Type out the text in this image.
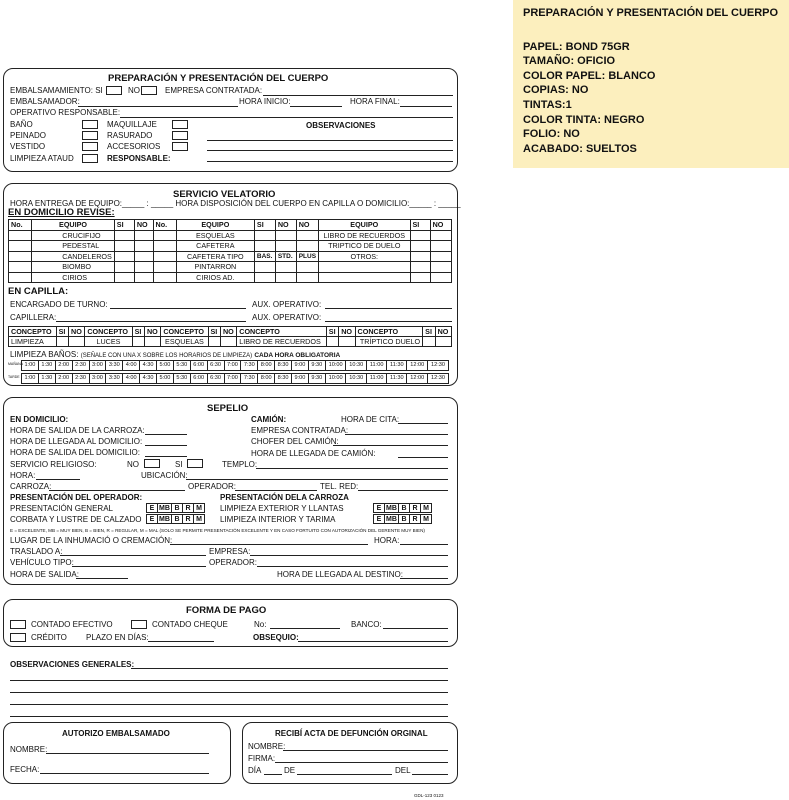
PREPARACIÓN Y PRESENTACIÓN DEL CUERPO
PAPEL: BOND 75GR
TAMAÑO: OFICIO
COLOR PAPEL: BLANCO
COPIAS: NO
TINTAS:1
COLOR TINTA: NEGRO
FOLIO: NO
ACABADO: SUELTOS
PREPARACIÓN Y PRESENTACIÓN DEL CUERPO
EMBALSAMAMIENTO: SI	NO	EMPRESA CONTRATADA:
EMBALSAMADOR:	HORA INICIO:	HORA FINAL:
OPERATIVO RESPONSABLE:
BAÑO	MAQUILLAJE	OBSERVACIONES
PEINADO	RASURADO
VESTIDO	ACCESORIOS
LIMPIEZA ATAUD	RESPONSABLE:
SERVICIO VELATORIO
HORA ENTREGA DE EQUIPO:_____ : _____ HORA DISPOSICIÓN DEL CUERPO EN CAPILLA O DOMICILIO:_____ : _____
EN DOMICILIO REVISE:
No.	EQUIPO	SI	NO	No.	EQUIPO	SI	NO	NO	EQUIPO	SI	NO
	CRUCIFIJO				ESQUELAS				LIBRO DE RECUERDOS		
	PEDESTAL				CAFETERA				TRIPTICO DE DUELO		
	CANDELEROS				CAFETERA TIPO	BAS.	STD.	PLUS	OTROS:		
	BIOMBO				PINTARRON						
	CIRIOS				CIRIOS AD.						
EN CAPILLA:
ENCARGADO DE TURNO:	AUX. OPERATIVO:
CAPILLERA:	AUX. OPERATIVO:
CONCEPTO	SI	NO	CONCEPTO	SI	NO	CONCEPTO	SI	NO	CONCEPTO	SI	NO	CONCEPTO	SI	NO
LIMPIEZA			LUCES			ESQUELAS			LIBRO DE RECUERDOS			TRÍPTICO DUELO		
LIMPIEZA BAÑOS: (SEÑALE CON UNA X SOBRE LOS HORARIOS DE LIMPIEZA) CADA HORA OBLIGATORIA
MAÑANA
TARDE
1:00	1:30	2:00	2:30	3:00	3:30	4:00	4:30	5:00	5:30	6:00	6:30	7:00	7:30	8:00	8:30	9:00	9:30	10:00	10:30	11:00	11:30	12:00	12:30
1:00	1:30	2:00	2:30	3:00	3:30	4:00	4:30	5:00	5:30	6:00	6:30	7:00	7:30	8:00	8:30	9:00	9:30	10:00	10:30	11:00	11:30	12:00	12:30
SEPELIO
EN DOMICILIO:	CAMIÓN:	HORA DE CITA:
HORA DE SALIDA DE LA CARROZA:	EMPRESA CONTRATADA:
HORA DE LLEGADA AL DOMICILIO:	CHOFER DEL CAMIÓN:
HORA DE SALIDA DEL DOMICILIO:	HORA DE LLEGADA DE CAMIÓN:
SERVICIO RELIGIOSO:	NO	SI	TEMPLO:
HORA:	UBICACIÓN:
CARROZA:	OPERADOR:	TEL. RED:
PRESENTACIÓN DEL OPERADOR:	PRESENTACIÓN DELA CARROZA
PRESENTACIÓN GENERAL	E MB B R M	LIMPIEZA EXTERIOR Y LLANTAS	E MB B R M
CORBATA Y LUSTRE DE CALZADO	E MB B R M	LIMPIEZA INTERIOR Y TARIMA	E MB B R M
E = EXCELENTE, MB = MUY BIEN, B = BIEN, R = REGULAR, M = MAL (SOLO SE PERMITE PRESENTACIÓN EXCELENTE Y EN CASO FORTUITO CON AUTORIZACIÓN DEL GERENTE MUY BIEN)
LUGAR DE LA INHUMACIÓ O CREMACIÓN:	HORA:
TRASLADO A:	EMPRESA:
VEHÍCULO TIPO:	OPERADOR:
HORA DE SALIDA:	HORA DE LLEGADA AL DESTINO:
FORMA DE PAGO
CONTADO EFECTIVO	CONTADO CHEQUE	No:	BANCO:
CRÉDITO PLAZO EN DÍAS:	OBSEQUIO:
OBSERVACIONES GENERALES:
AUTORIZO EMBALSAMADO
NOMBRE:
FECHA:
RECIBÍ ACTA DE DEFUNCIÓN ORGINAL
NOMBRE:
FIRMA:
DÍA	DE	DEL
GDL-123 0123
